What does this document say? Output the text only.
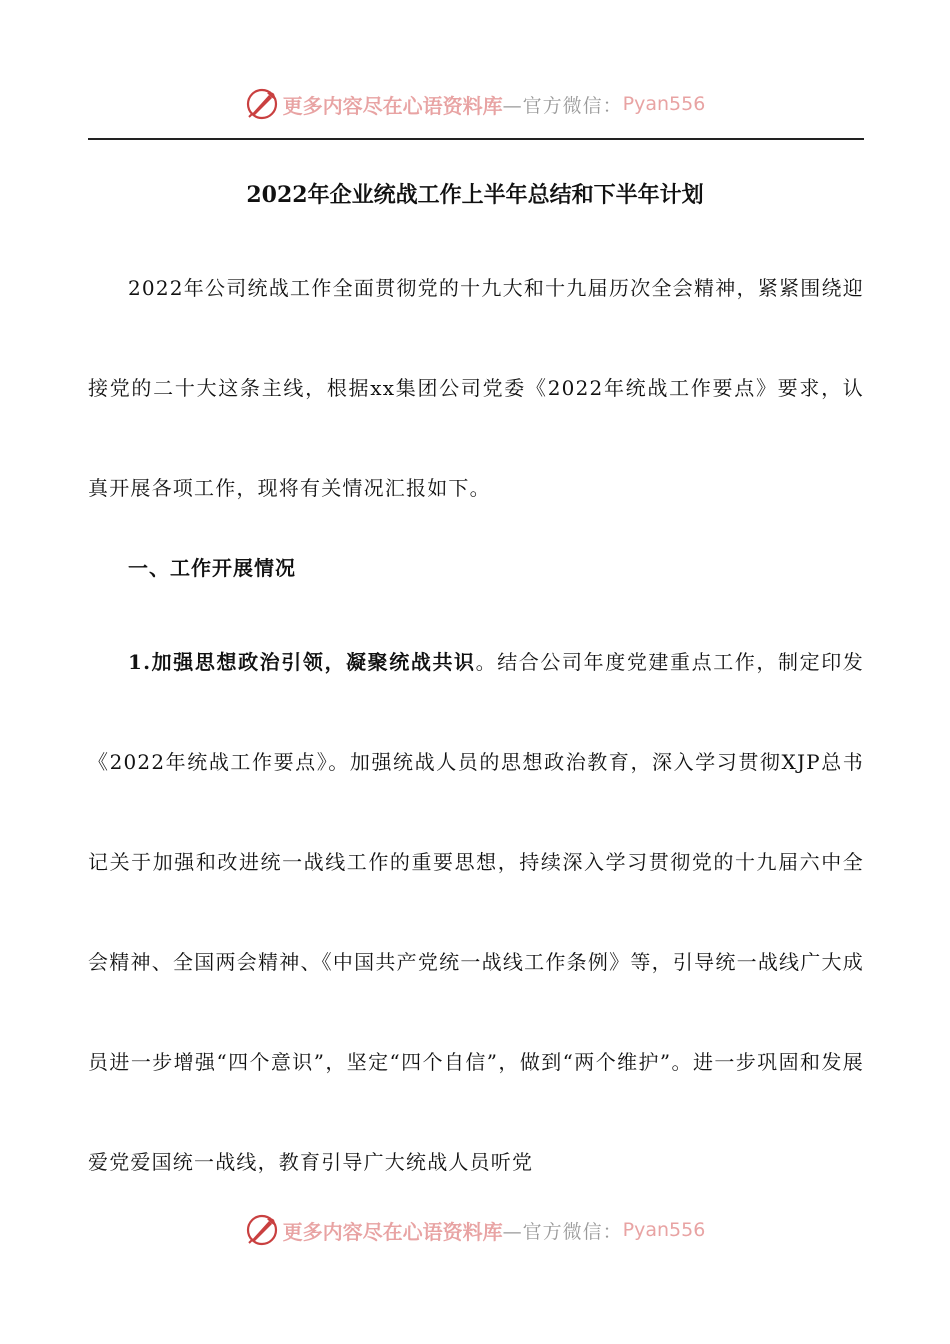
更多内容尽在心语资料库 —官方微信： Pyan556
2022年企业统战工作上半年总结和下半年计划

2022年公司统战工作全面贯彻党的十九大和十九届历次全会精神，紧紧围绕迎接党的二十大这条主线，根据xx集团公司党委《2022年统战工作要点》要求，认真开展各项工作，现将有关情况汇报如下。

一、工作开展情况

1.加强思想政治引领，凝聚统战共识。结合公司年度党建重点工作，制定印发《2022年统战工作要点》。加强统战人员的思想政治教育，深入学习贯彻XJP总书记关于加强和改进统一战线工作的重要思想，持续深入学习贯彻党的十九届六中全会精神、全国两会精神、《中国共产党统一战线工作条例》等，引导统一战线广大成员进一步增强“四个意识”，坚定“四个自信”，做到“两个维护”。进一步巩固和发展爱党爱国统一战线，教育引导广大统战人员听党

更多内容尽在心语资料库 —官方微信： Pyan556
